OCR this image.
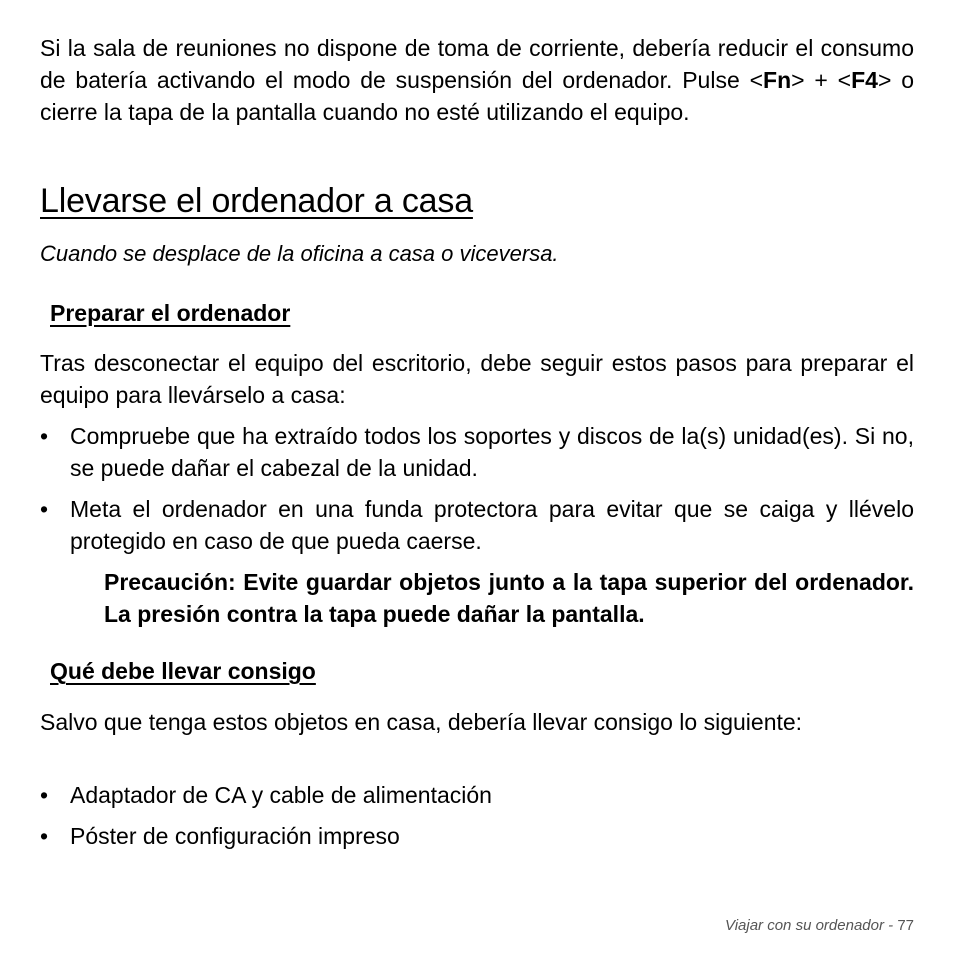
Si la sala de reuniones no dispone de toma de corriente, debería reducir el consumo de batería activando el modo de suspensión del ordenador. Pulse <Fn> + <F4> o cierre la tapa de la pantalla cuando no esté utilizando el equipo.

Llevarse el ordenador a casa

Cuando se desplace de la oficina a casa o viceversa.

Preparar el ordenador

Tras desconectar el equipo del escritorio, debe seguir estos pasos para preparar el equipo para llevárselo a casa:

• Compruebe que ha extraído todos los soportes y discos de la(s) unidad(es). Si no, se puede dañar el cabezal de la unidad.
• Meta el ordenador en una funda protectora para evitar que se caiga y llévelo protegido en caso de que pueda caerse.

Precaución: Evite guardar objetos junto a la tapa superior del ordenador. La presión contra la tapa puede dañar la pantalla.

Qué debe llevar consigo

Salvo que tenga estos objetos en casa, debería llevar consigo lo siguiente:

• Adaptador de CA y cable de alimentación
• Póster de configuración impreso

Viajar con su ordenador - 77
